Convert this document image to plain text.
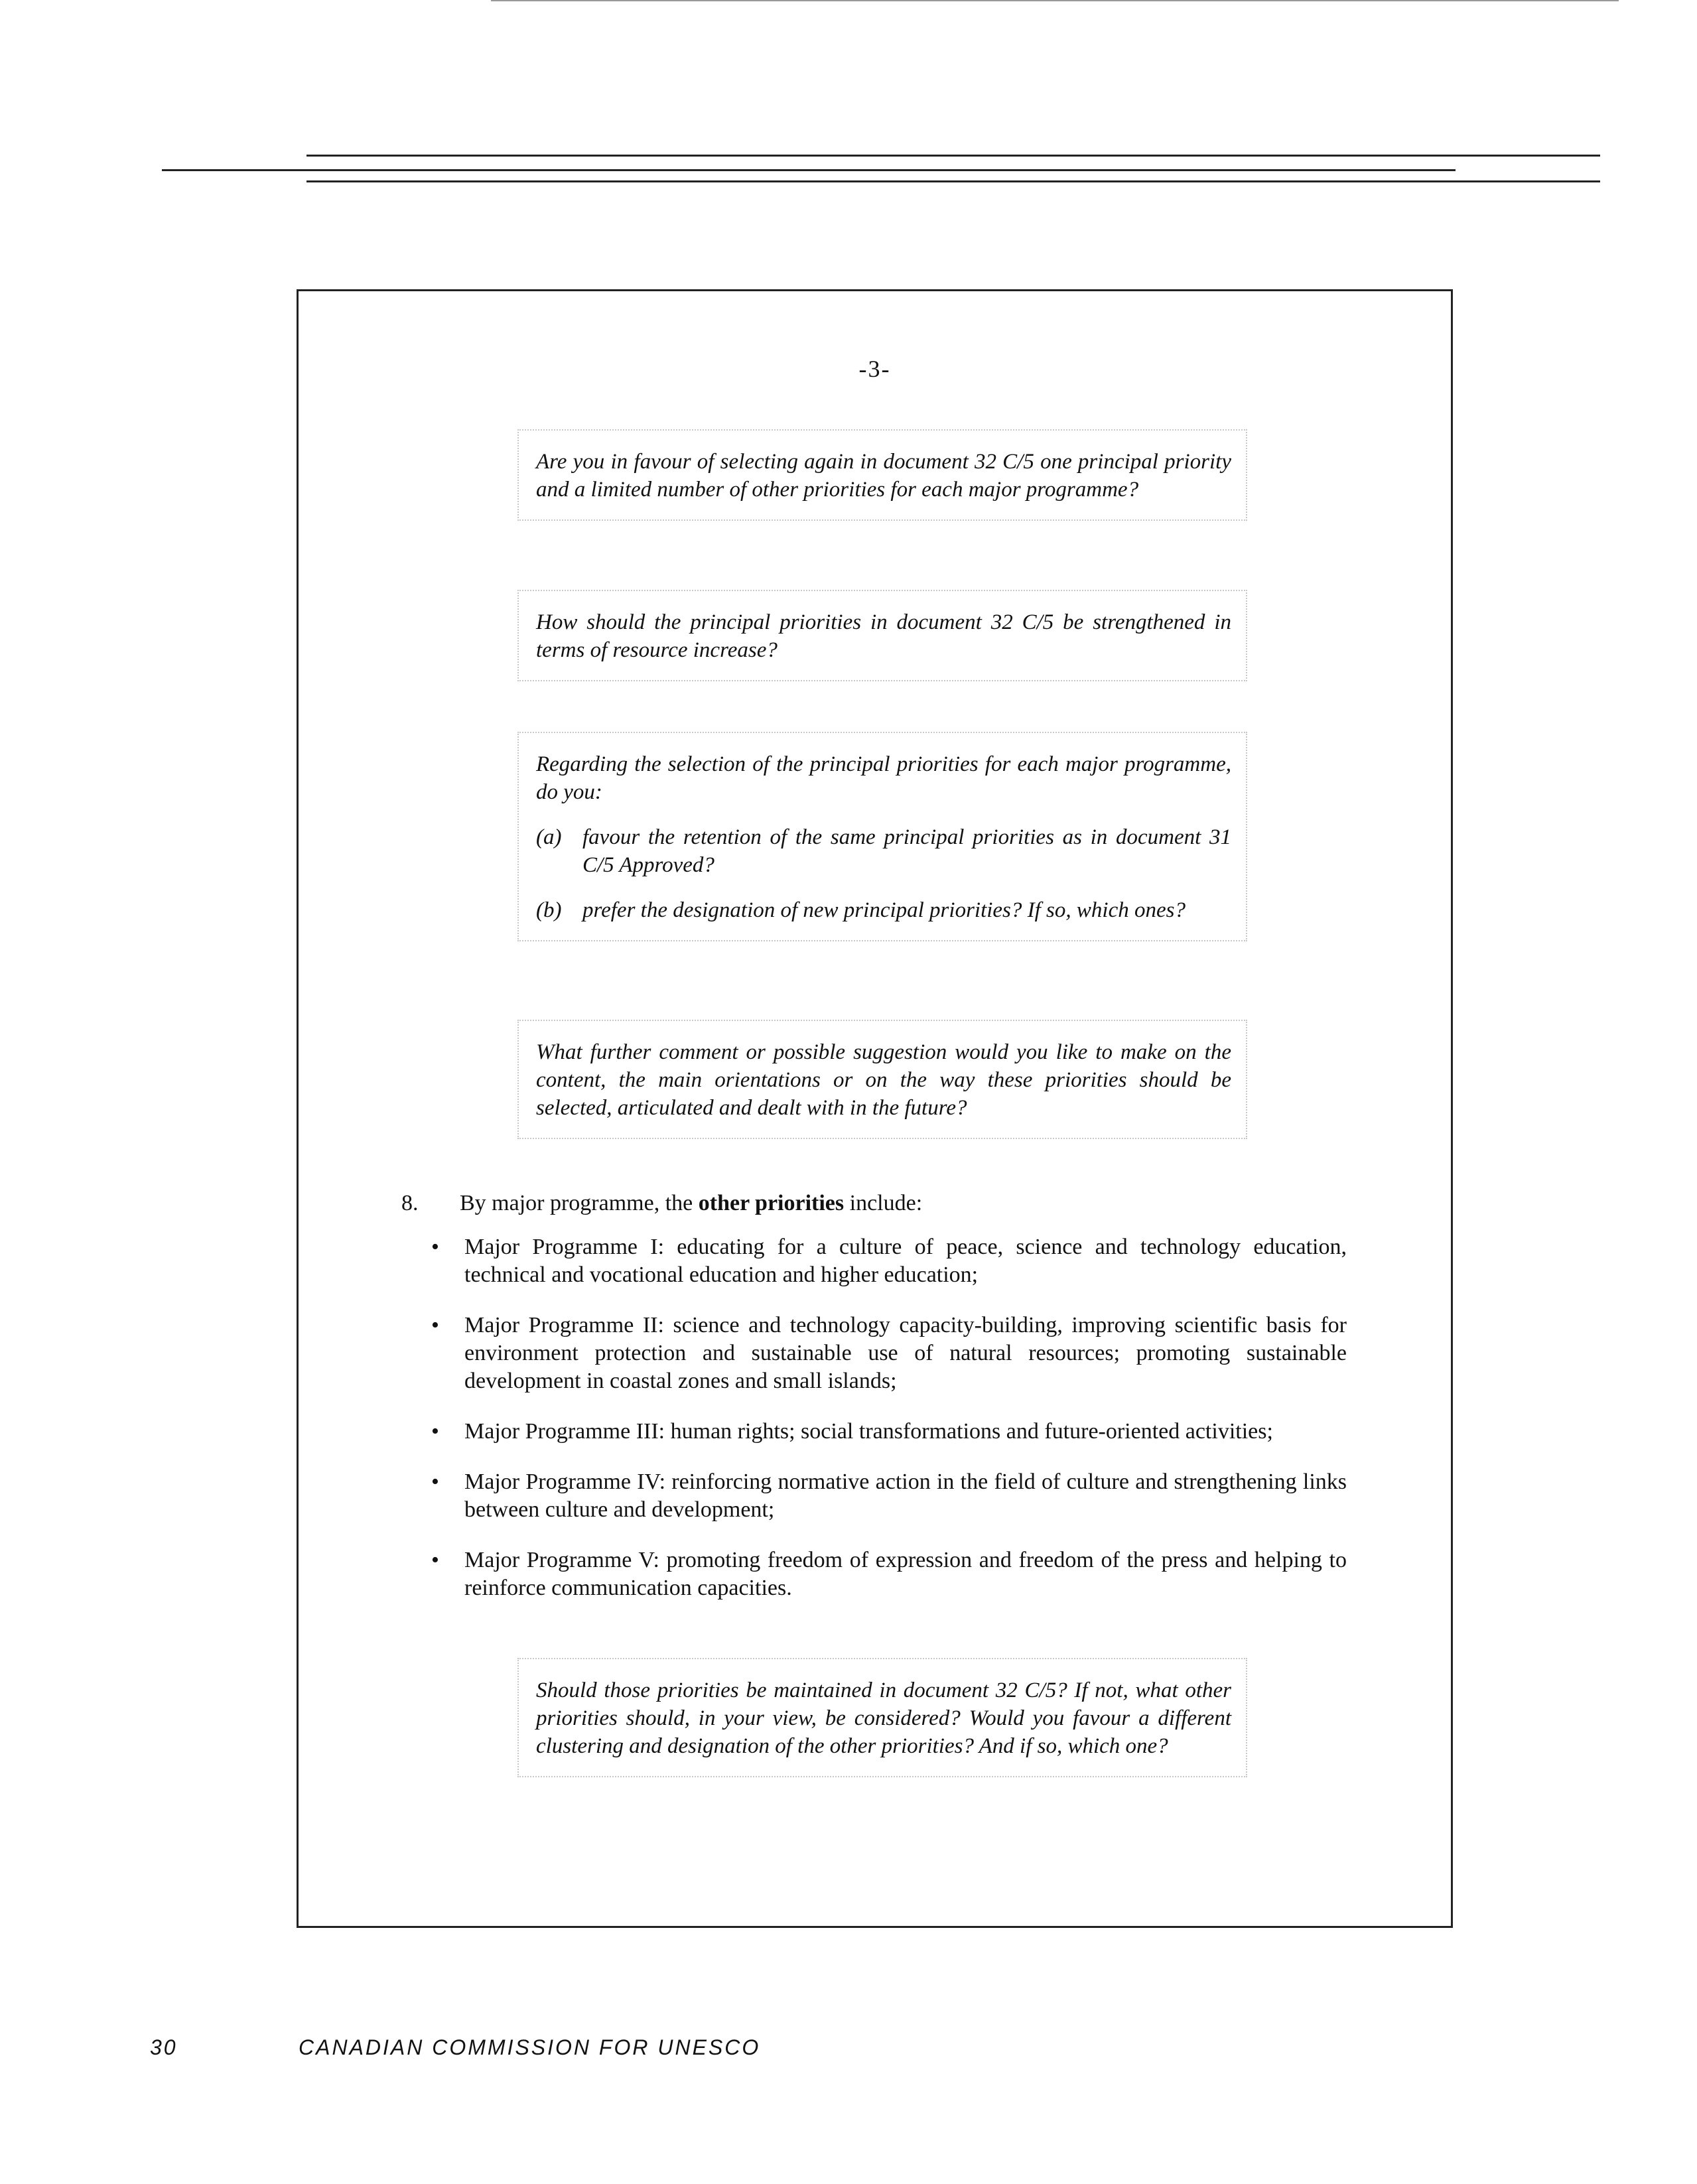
-3-

Are you in favour of selecting again in document 32 C/5 one principal priority and a limited number of other priorities for each major programme?

How should the principal priorities in document 32 C/5 be strengthened in terms of resource increase?

Regarding the selection of the principal priorities for each major programme, do you:

(a) favour the retention of the same principal priorities as in document 31 C/5 Approved?
(b) prefer the designation of new principal priorities? If so, which ones?

What further comment or possible suggestion would you like to make on the content, the main orientations or on the way these priorities should be selected, articulated and dealt with in the future?

8. By major programme, the other priorities include:
•	Major Programme I: educating for a culture of peace, science and technology education, technical and vocational education and higher education;
•	Major Programme II: science and technology capacity-building, improving scientific basis for environment protection and sustainable use of natural resources; promoting sustainable development in coastal zones and small islands;
•	Major Programme III: human rights; social transformations and future-oriented activities;
•	Major Programme IV: reinforcing normative action in the field of culture and strengthening links between culture and development;
•	Major Programme V: promoting freedom of expression and freedom of the press and helping to reinforce communication capacities.

Should those priorities be maintained in document 32 C/5? If not, what other priorities should, in your view, be considered? Would you favour a different clustering and designation of the other priorities? And if so, which one?

30	CANADIAN COMMISSION FOR UNESCO
